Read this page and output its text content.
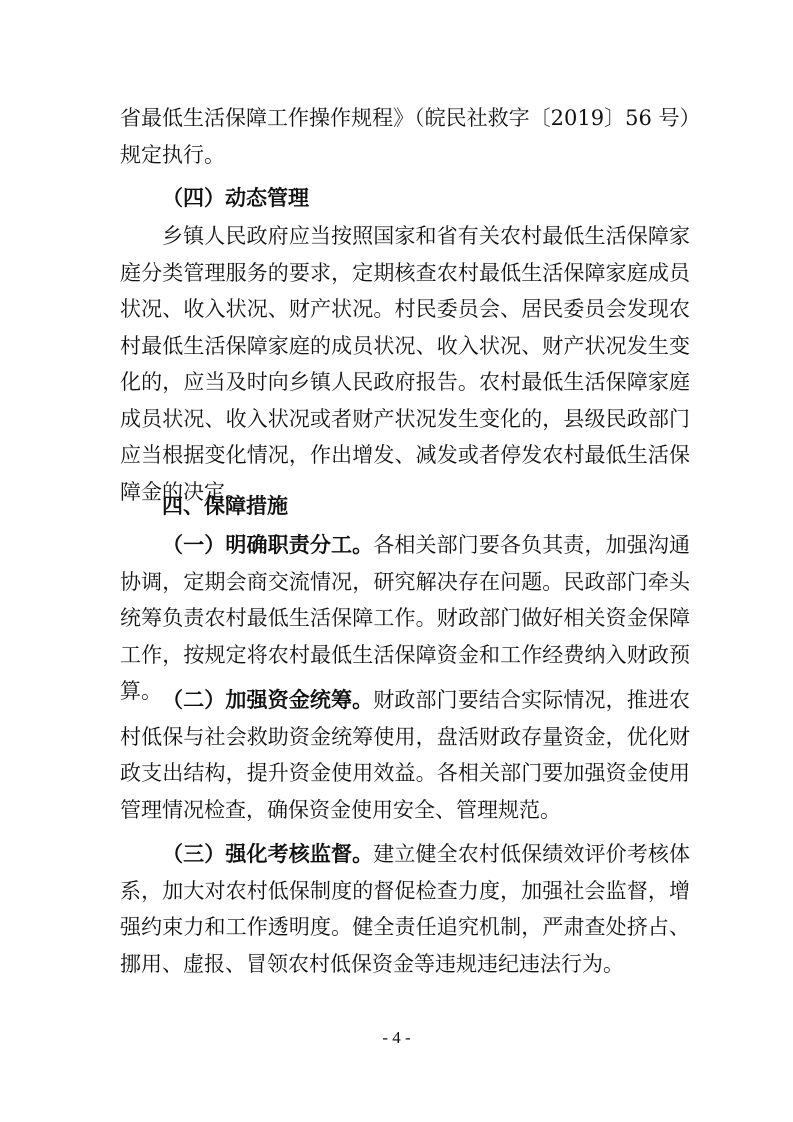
省最低生活保障工作操作规程》（皖民社救字〔2019〕56 号）规定执行。

（四）动态管理

乡镇人民政府应当按照国家和省有关农村最低生活保障家庭分类管理服务的要求，定期核查农村最低生活保障家庭成员状况、收入状况、财产状况。村民委员会、居民委员会发现农村最低生活保障家庭的成员状况、收入状况、财产状况发生变化的，应当及时向乡镇人民政府报告。农村最低生活保障家庭成员状况、收入状况或者财产状况发生变化的，县级民政部门应当根据变化情况，作出增发、减发或者停发农村最低生活保障金的决定。

四、保障措施

（一）明确职责分工。各相关部门要各负其责，加强沟通协调，定期会商交流情况，研究解决存在问题。民政部门牵头统筹负责农村最低生活保障工作。财政部门做好相关资金保障工作，按规定将农村最低生活保障资金和工作经费纳入财政预算。 （二）加强资金统筹。财政部门要结合实际情况，推进农村低保与社会救助资金统筹使用，盘活财政存量资金，优化财政支出结构，提升资金使用效益。各相关部门要加强资金使用管理情况检查，确保资金使用安全、管理规范。

（三）强化考核监督。建立健全农村低保绩效评价考核体系，加大对农村低保制度的督促检查力度，加强社会监督，增强约束力和工作透明度。健全责任追究机制，严肃查处挤占、挪用、虚报、冒领农村低保资金等违规违纪违法行为。

- 4 -
